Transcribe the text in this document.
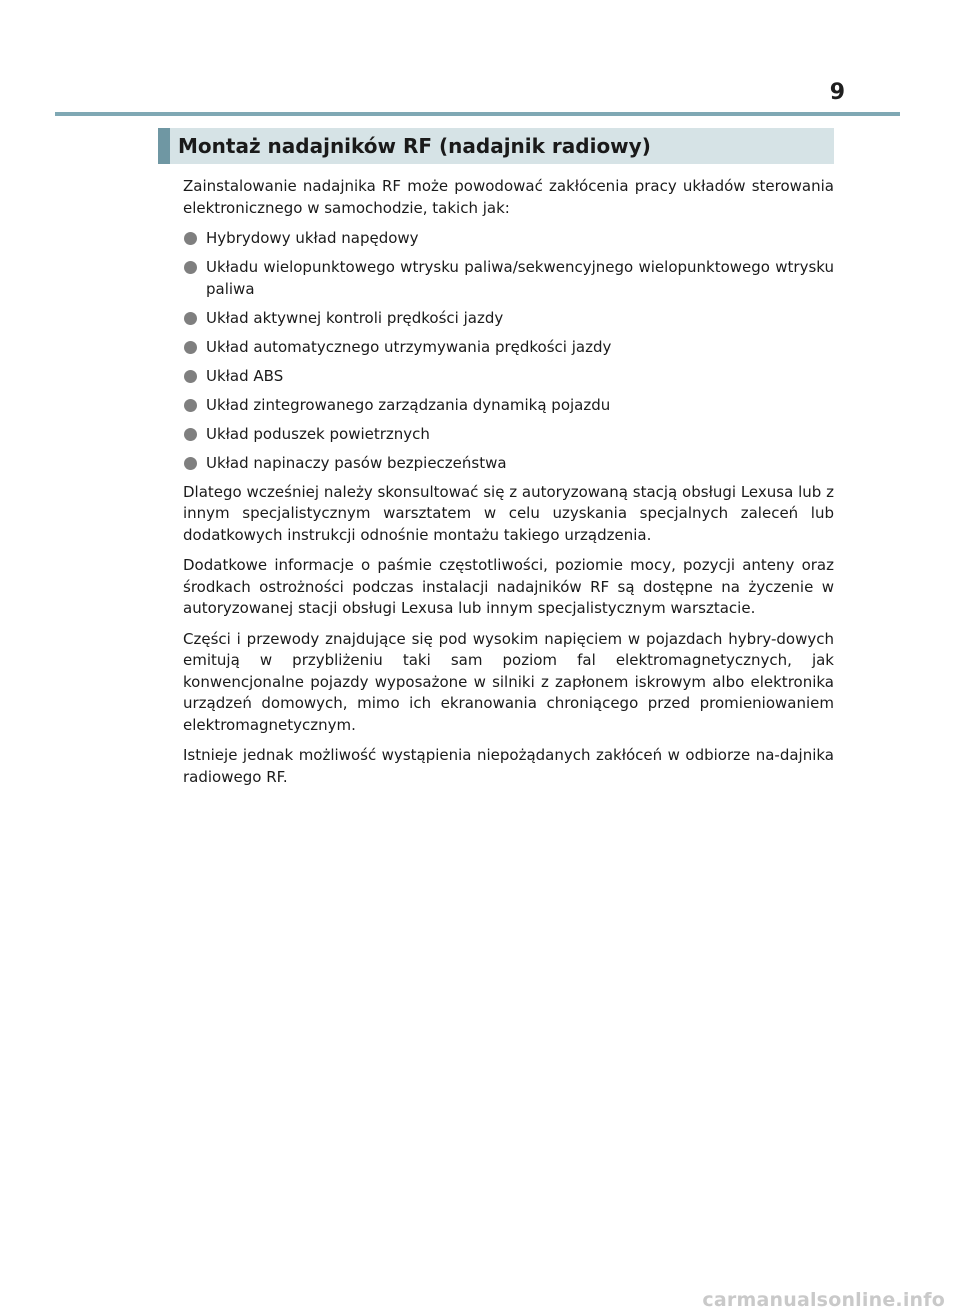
9
Montaż nadajników RF (nadajnik radiowy)

Zainstalowanie nadajnika RF może powodować zakłócenia pracy układów sterowania elektronicznego w samochodzie, takich jak:

Hybrydowy układ napędowy
Układu wielopunktowego wtrysku paliwa/sekwencyjnego wielopunktowego wtrysku paliwa
Układ aktywnej kontroli prędkości jazdy
Układ automatycznego utrzymywania prędkości jazdy
Układ ABS
Układ zintegrowanego zarządzania dynamiką pojazdu
Układ poduszek powietrznych
Układ napinaczy pasów bezpieczeństwa

Dlatego wcześniej należy skonsultować się z autoryzowaną stacją obsługi Lexusa lub z innym specjalistycznym warsztatem w celu uzyskania specjalnych zaleceń lub dodatkowych instrukcji odnośnie montażu takiego urządzenia.

Dodatkowe informacje o paśmie częstotliwości, poziomie mocy, pozycji anteny oraz środkach ostrożności podczas instalacji nadajników RF są dostępne na życzenie w autoryzowanej stacji obsługi Lexusa lub innym specjalistycznym warsztacie.

Części i przewody znajdujące się pod wysokim napięciem w pojazdach hybry-dowych emitują w przybliżeniu taki sam poziom fal elektromagnetycznych, jak konwencjonalne pojazdy wyposażone w silniki z zapłonem iskrowym albo elektronika urządzeń domowych, mimo ich ekranowania chroniącego przed promieniowaniem elektromagnetycznym.

Istnieje jednak możliwość wystąpienia niepożądanych zakłóceń w odbiorze na-dajnika radiowego RF.

carmanualsonline.info
